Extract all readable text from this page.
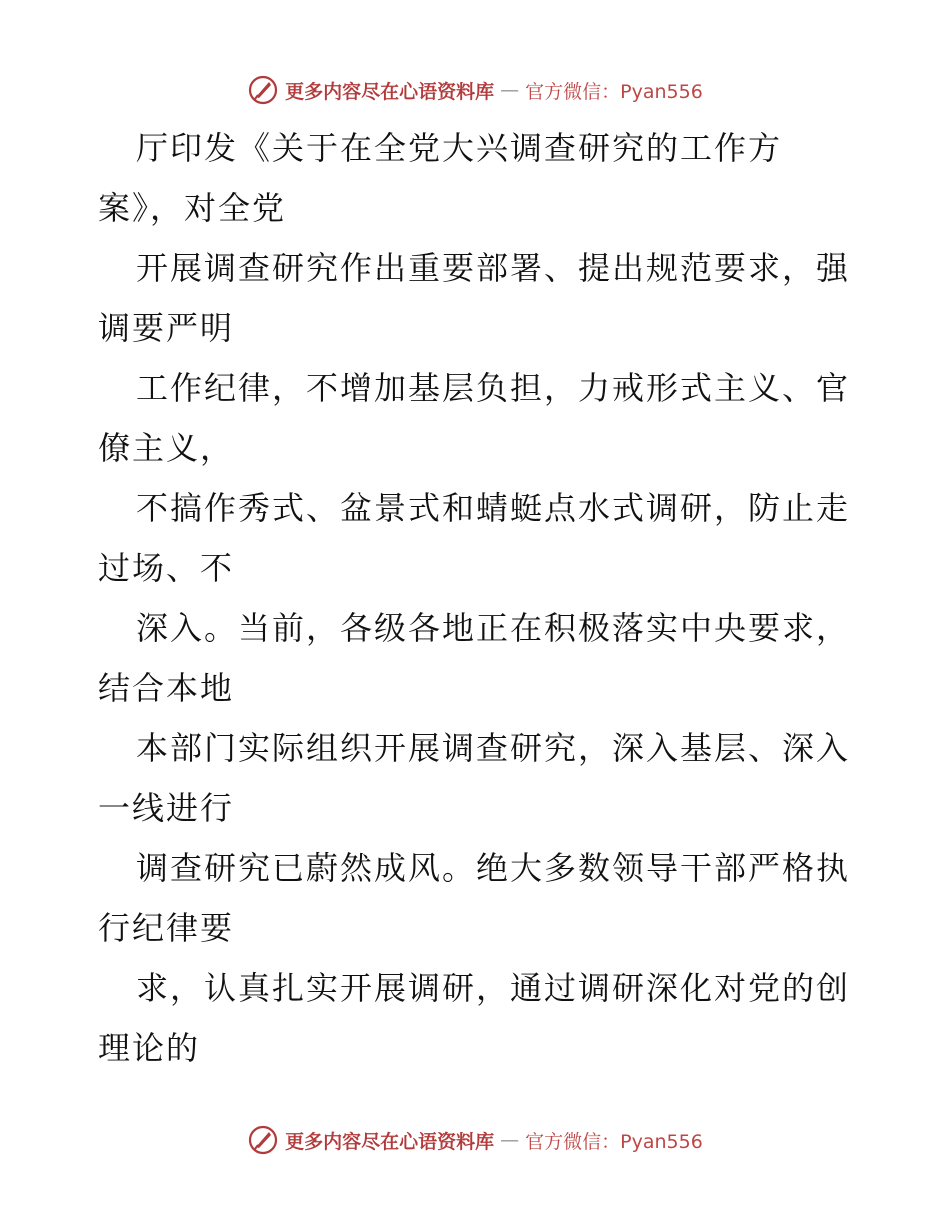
更多内容尽在心语资料库 — 官方微信：Pyan556
厅印发《关于在全党大兴调查研究的工作方
案》，对全党
开展调查研究作出重要部署、提出规范要求，强
调要严明
工作纪律，不增加基层负担，力戒形式主义、官
僚主义，
不搞作秀式、盆景式和蜻蜓点水式调研，防止走
过场、不
深入。当前，各级各地正在积极落实中央要求，
结合本地
本部门实际组织开展调查研究，深入基层、深入
一线进行
调查研究已蔚然成风。绝大多数领导干部严格执
行纪律要
求，认真扎实开展调研，通过调研深化对党的创
理论的
更多内容尽在心语资料库 — 官方微信：Pyan556
